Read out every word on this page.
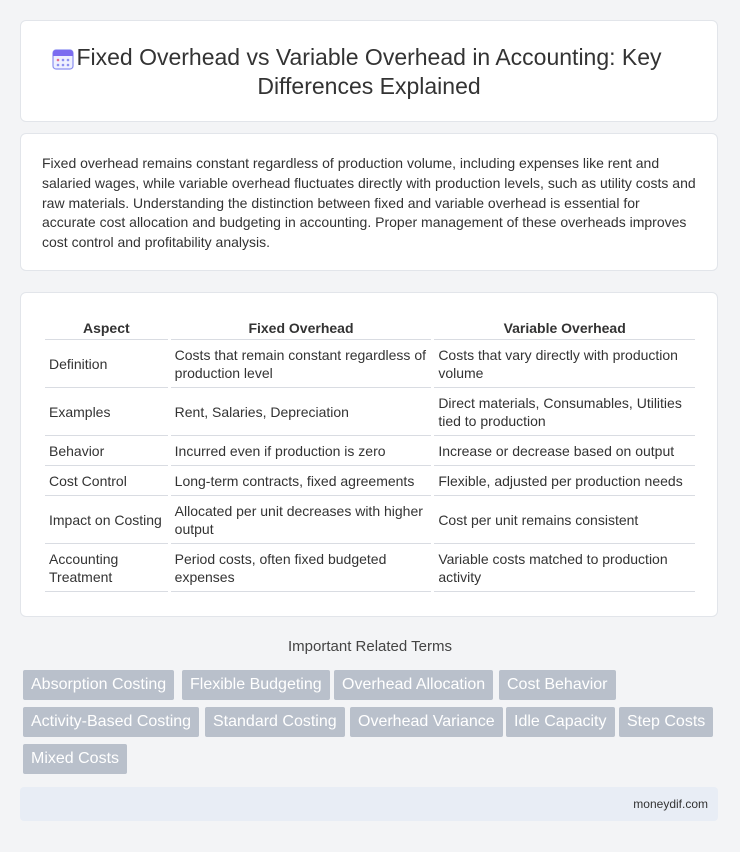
Fixed Overhead vs Variable Overhead in Accounting: Key
Differences Explained

Fixed overhead remains constant regardless of production volume, including expenses like rent and salaried wages, while variable overhead fluctuates directly with production levels, such as utility costs and raw materials. Understanding the distinction between fixed and variable overhead is essential for accurate cost allocation and budgeting in accounting. Proper management of these overheads improves cost control and profitability analysis.

Aspect	Fixed Overhead	Variable Overhead
Definition	Costs that remain constant regardless of production level	Costs that vary directly with production volume
Examples	Rent, Salaries, Depreciation	Direct materials, Consumables, Utilities tied to production
Behavior	Incurred even if production is zero	Increase or decrease based on output
Cost Control	Long-term contracts, fixed agreements	Flexible, adjusted per production needs
Impact on Costing	Allocated per unit decreases with higher output	Cost per unit remains consistent
Accounting Treatment	Period costs, often fixed budgeted expenses	Variable costs matched to production activity
Important Related Terms
Absorption Costing	Flexible Budgeting	Overhead Allocation	Cost Behavior
Activity-Based Costing	Standard Costing	Overhead Variance	Idle Capacity	Step Costs
Mixed Costs
moneydif.com
